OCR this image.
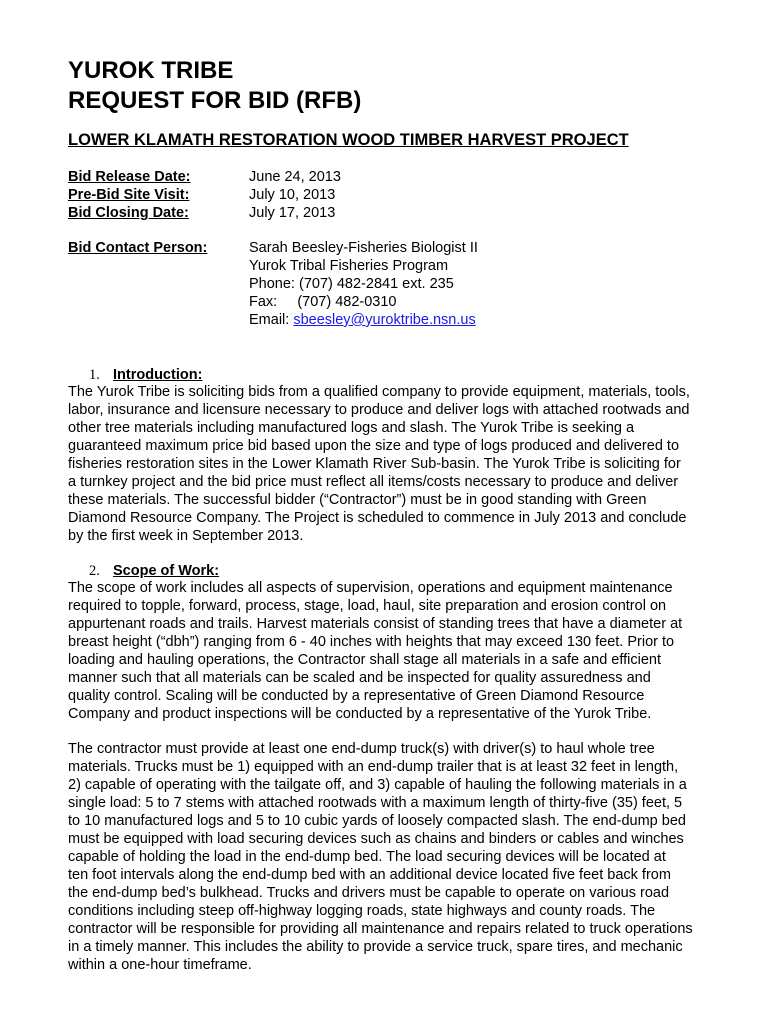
YUROK TRIBE
REQUEST FOR BID (RFB)
LOWER KLAMATH RESTORATION WOOD TIMBER HARVEST PROJECT
Bid Release Date:	June 24, 2013
Pre-Bid Site Visit:	July 10, 2013
Bid Closing Date:	July 17, 2013
Bid Contact Person:	Sarah Beesley-Fisheries Biologist II
Yurok Tribal Fisheries Program
Phone: (707) 482-2841 ext. 235
Fax:     (707) 482-0310
Email: sbeesley@yuroktribe.nsn.us
1. Introduction:
The Yurok Tribe is soliciting bids from a qualified company to provide equipment, materials, tools,
labor, insurance and licensure necessary to produce and deliver logs with attached rootwads and
other tree materials including manufactured logs and slash. The Yurok Tribe is seeking a
guaranteed maximum price bid based upon the size and type of logs produced and delivered to
fisheries restoration sites in the Lower Klamath River Sub-basin. The Yurok Tribe is soliciting for
a turnkey project and the bid price must reflect all items/costs necessary to produce and deliver
these materials. The successful bidder (“Contractor”) must be in good standing with Green
Diamond Resource Company. The Project is scheduled to commence in July 2013 and conclude
by the first week in September 2013.
2. Scope of Work:
The scope of work includes all aspects of supervision, operations and equipment maintenance
required to topple, forward, process, stage, load, haul, site preparation and erosion control on
appurtenant roads and trails. Harvest materials consist of standing trees that have a diameter at
breast height (“dbh”) ranging from 6 - 40 inches with heights that may exceed 130 feet. Prior to
loading and hauling operations, the Contractor shall stage all materials in a safe and efficient
manner such that all materials can be scaled and be inspected for quality assuredness and
quality control. Scaling will be conducted by a representative of Green Diamond Resource
Company and product inspections will be conducted by a representative of the Yurok Tribe.
The contractor must provide at least one end-dump truck(s) with driver(s) to haul whole tree
materials. Trucks must be 1) equipped with an end-dump trailer that is at least 32 feet in length,
2) capable of operating with the tailgate off, and 3) capable of hauling the following materials in a
single load: 5 to 7 stems with attached rootwads with a maximum length of thirty-five (35) feet, 5
to 10 manufactured logs and 5 to 10 cubic yards of loosely compacted slash. The end-dump bed
must be equipped with load securing devices such as chains and binders or cables and winches
capable of holding the load in the end-dump bed. The load securing devices will be located at
ten foot intervals along the end-dump bed with an additional device located five feet back from
the end-dump bed’s bulkhead. Trucks and drivers must be capable to operate on various road
conditions including steep off-highway logging roads, state highways and county roads. The
contractor will be responsible for providing all maintenance and repairs related to truck operations
in a timely manner. This includes the ability to provide a service truck, spare tires, and mechanic
within a one-hour timeframe.
